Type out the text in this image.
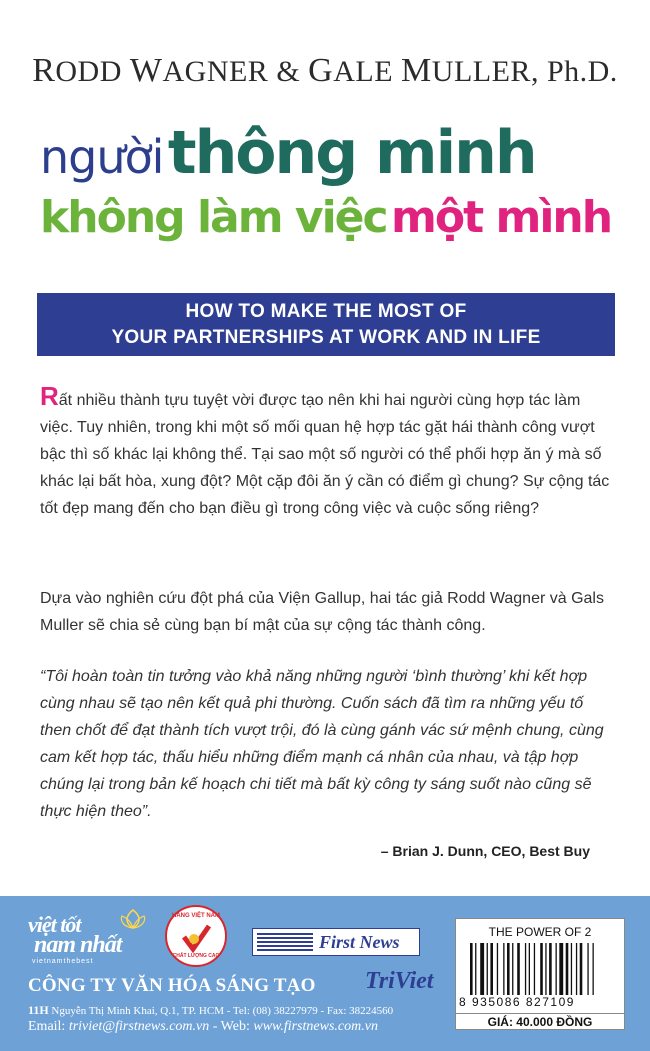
RODD WAGNER & GALE MULLER, Ph.D.
người thông minh
không làm việc một mình
HOW TO MAKE THE MOST OF
YOUR PARTNERSHIPS AT WORK AND IN LIFE
Rất nhiều thành tựu tuyệt vời được tạo nên khi hai người cùng hợp tác làm việc. Tuy nhiên, trong khi một số mối quan hệ hợp tác gặt hái thành công vượt bậc thì số khác lại không thể. Tại sao một số người có thể phối hợp ăn ý mà số khác lại bất hòa, xung đột? Một cặp đôi ăn ý cần có điểm gì chung? Sự cộng tác tốt đẹp mang đến cho bạn điều gì trong công việc và cuộc sống riêng?
Dựa vào nghiên cứu đột phá của Viện Gallup, hai tác giả Rodd Wagner và Gals Muller sẽ chia sẻ cùng bạn bí mật của sự cộng tác thành công.
“Tôi hoàn toàn tin tưởng vào khả năng những người ‘bình thường’ khi kết hợp cùng nhau sẽ tạo nên kết quả phi thường. Cuốn sách đã tìm ra những yếu tố then chốt để đạt thành tích vượt trội, đó là cùng gánh vác sứ mệnh chung, cùng cam kết hợp tác, thấu hiểu những điểm mạnh cá nhân của nhau, và tập hợp chúng lại trong bản kế hoạch chi tiết mà bất kỳ công ty sáng suốt nào cũng sẽ thực hiện theo”.
– Brian J. Dunn, CEO, Best Buy
việt tốt
nam nhất
vietnamthebest
HÀNG VIỆT NAM
CHẤT LƯỢNG CAO
First News
CÔNG TY VĂN HÓA SÁNG TẠO TriViet
11H Nguyễn Thị Minh Khai, Q.1, TP. HCM - Tel: (08) 38227979 - Fax: 38224560
Email: triviet@firstnews.com.vn - Web: www.firstnews.com.vn
THE POWER OF 2
8 935086 827109
GIÁ: 40.000 ĐỒNG
